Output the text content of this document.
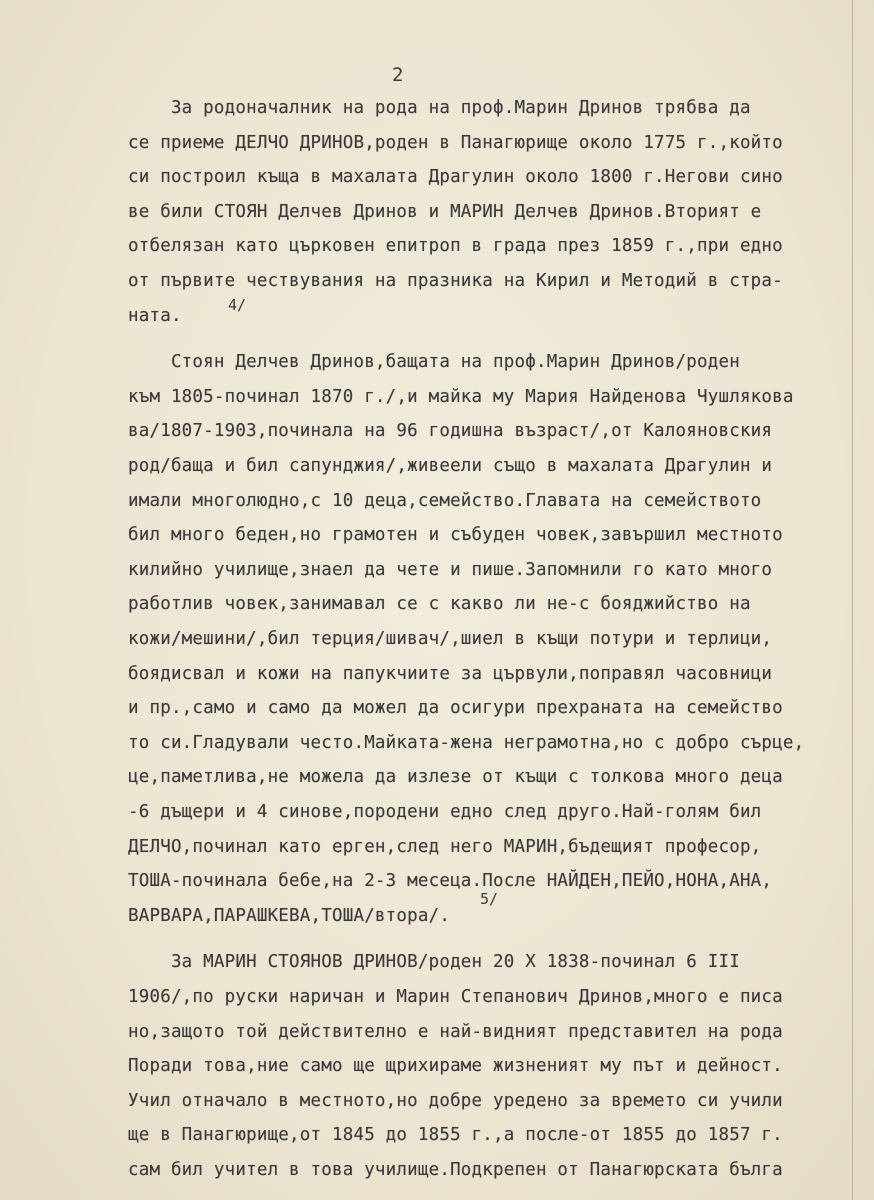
2
За родоначалник на рода на проф.Марин Дринов трябва да
се приеме ДЕЛЧО ДРИНОВ,роден в Панагюрище около 1775 г.,който
си построил къща в махалата Драгулин около 1800 г.Негови сино
ве били СТОЯН Делчев Дринов и МАРИН Делчев Дринов.Вторият е
отбелязан като църковен епитроп в града през 1859 г.,при едно
от първите чествувания на празника на Кирил и Методий в стра-
ната.
4/
Стоян Делчев Дринов,бащата на проф.Марин Дринов/роден
към 1805-починал 1870 г./,и майка му Мария Найденова Чушлякова
ва/1807-1903,починала на 96 годишна възраст/,от Калояновския
род/баща и бил сапунджия/,живеели също в махалата Драгулин и
имали многолюдно,с 10 деца,семейство.Главата на семейството
бил много беден,но грамотен и събуден човек,завършил местното
килийно училище,знаел да чете и пише.Запомнили го като много
работлив човек,занимавал се с какво ли не-с бояджийство на
кожи/мешини/,бил терция/шивач/,шиел в къщи потури и терлици,
боядисвал и кожи на папукчиите за цървули,поправял часовници
и пр.,само и само да можел да осигури прехраната на семейство
то си.Гладували често.Майката-жена неграмотна,но с добро сърце,
це,паметлива,не можела да излезе от къщи с толкова много деца
-6 дъщери и 4 синове,породени едно след друго.Най-голям бил
ДЕЛЧО,починал като ерген,след него МАРИН,бъдещият професор,
ТОША-починала бебе,на 2-3 месеца.После НАЙДЕН,ПЕЙО,НОНА,АНА,
ВАРВАРА,ПАРАШКЕВА,ТОША/втора/.
5/
За МАРИН СТОЯНОВ ДРИНОВ/роден 20 X 1838-починал 6 III
1906/,по руски наричан и Марин Степанович Дринов,много е писа
но,защото той действително е най-видният представител на рода
Поради това,ние само ще щрихираме жизненият му път и дейност.
Учил отначало в местното,но добре уредено за времето си учили
ще в Панагюрище,от 1845 до 1855 г.,а после-от 1855 до 1857 г.
сам бил учител в това училище.Подкрепен от Панагюрската бълга
